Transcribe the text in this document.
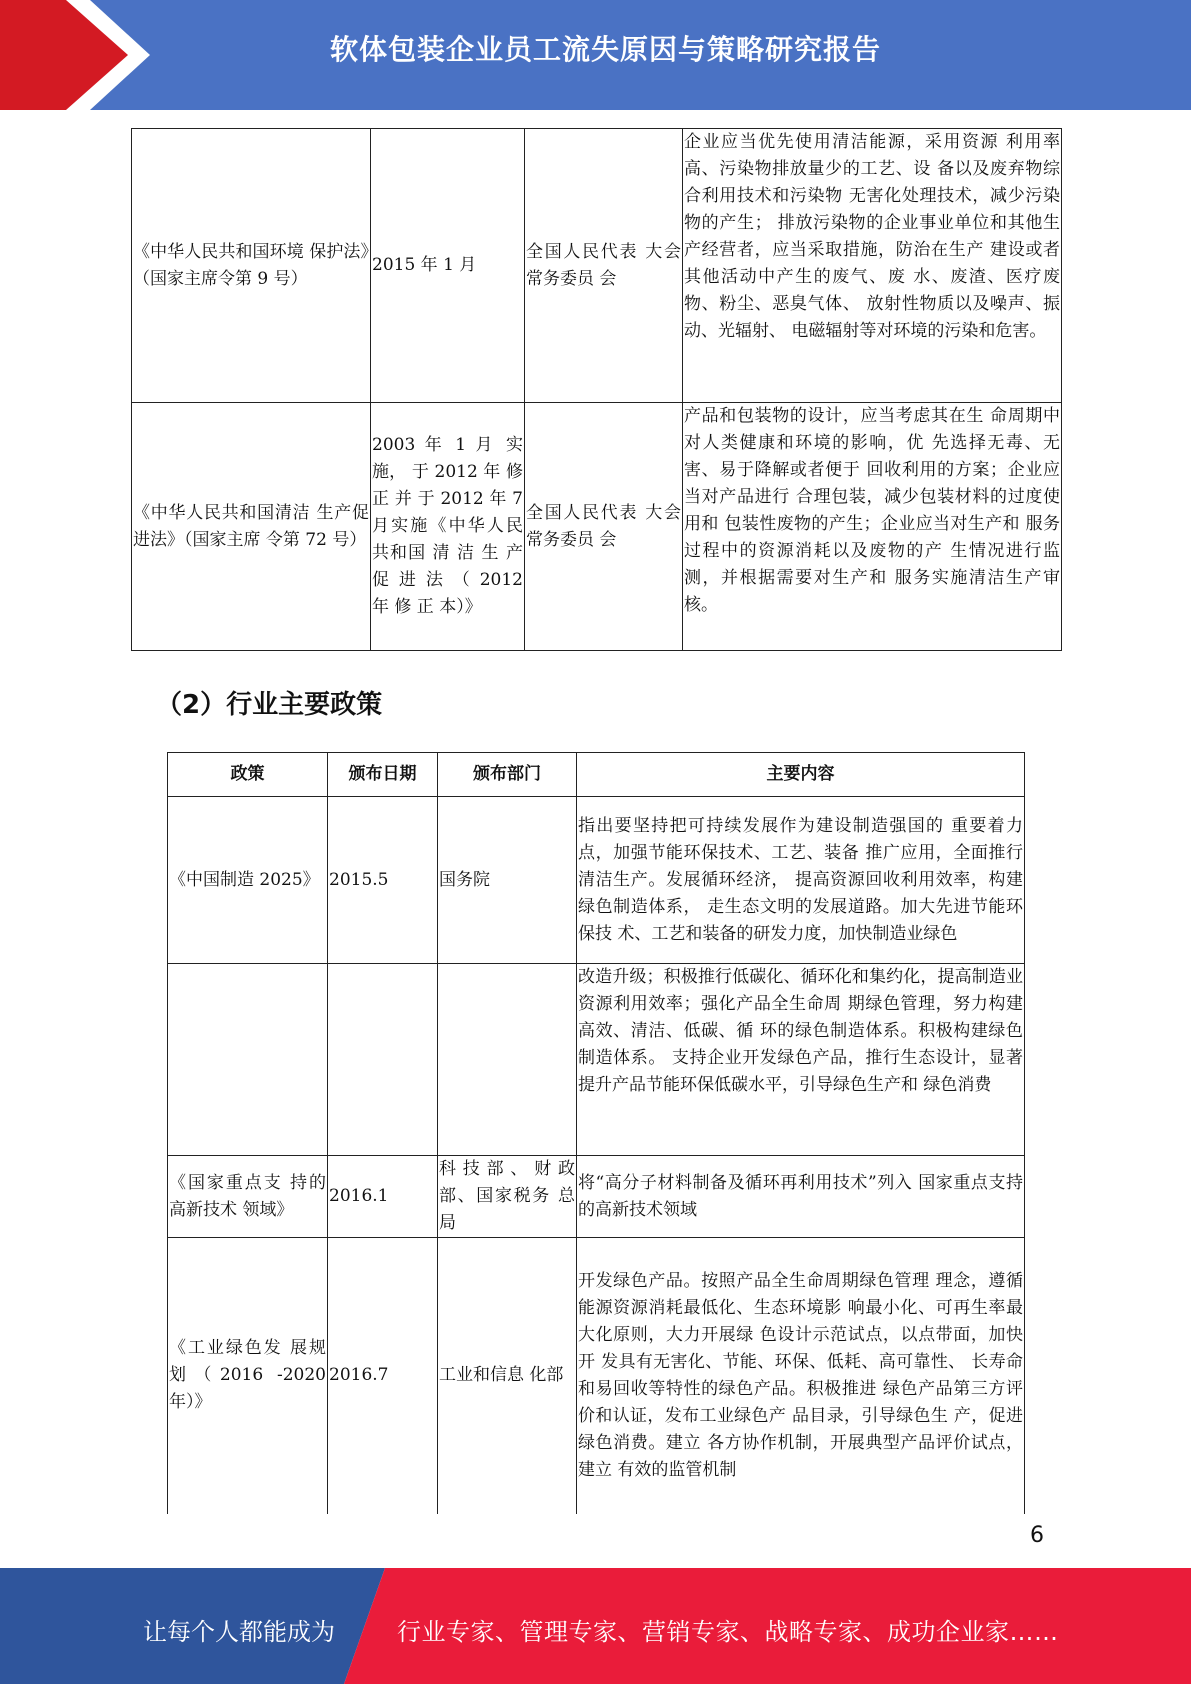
软体包装企业员工流失原因与策略研究报告
《中华人民共和国环境 保护法》（国家主席令第 9 号）	2015 年 1 月	全国人民代表 大会常务委员 会	企业应当优先使用清洁能源，采用资源 利用率高、污染物排放量少的工艺、设 备以及废弃物综合利用技术和污染物 无害化处理技术，减少污染物的产生； 排放污染物的企业事业单位和其他生 产经营者，应当采取措施，防治在生产 建设或者其他活动中产生的废气、废 水、废渣、医疗废物、粉尘、恶臭气体、 放射性物质以及噪声、振动、光辐射、 电磁辐射等对环境的污染和危害。
《中华人民共和国清洁 生产促进法》（国家主席 令第 72 号）	2003 年 1 月 实施， 于 2012 年 修 正 并 于 2012 年 7 月实施《中华人民共和国 清 洁 生 产 促 进 法 （ 2012 年 修 正 本）》	全国人民代表 大会常务委员 会	产品和包装物的设计，应当考虑其在生 命周期中对人类健康和环境的影响，优 先选择无毒、无害、易于降解或者便于 回收利用的方案；企业应当对产品进行 合理包装，减少包装材料的过度使用和 包装性废物的产生；企业应当对生产和 服务过程中的资源消耗以及废物的产 生情况进行监测，并根据需要对生产和 服务实施清洁生产审核。
（2）行业主要政策
政策	颁布日期	颁布部门	主要内容
《中国制造 2025》	2015.5	国务院	指出要坚持把可持续发展作为建设制造强国的 重要着力点，加强节能环保技术、工艺、装备 推广应用，全面推行清洁生产。发展循环经济， 提高资源回收利用效率，构建绿色制造体系， 走生态文明的发展道路。加大先进节能环保技 术、工艺和装备的研发力度，加快制造业绿色
			改造升级；积极推行低碳化、循环化和集约化，提高制造业资源利用效率；强化产品全生命周 期绿色管理，努力构建高效、清洁、低碳、循 环的绿色制造体系。积极构建绿色制造体系。 支持企业开发绿色产品，推行生态设计，显著 提升产品节能环保低碳水平，引导绿色生产和 绿色消费
《国家重点支 持的高新技术 领域》	2016.1	科技部、财政 部、国家税务 总局	将“高分子材料制备及循环再利用技术”列入 国家重点支持的高新技术领域
《工业绿色发 展规划（2016 -2020 年）》	2016.7	工业和信息 化部	开发绿色产品。按照产品全生命周期绿色管理 理念，遵循能源资源消耗最低化、生态环境影 响最小化、可再生率最大化原则，大力开展绿 色设计示范试点，以点带面，加快开 发具有无害化、节能、环保、低耗、高可靠性、 长寿命和易回收等特性的绿色产品。积极推进 绿色产品第三方评价和认证，发布工业绿色产 品目录，引导绿色生 产，促进绿色消费。建立 各方协作机制，开展典型产品评价试点，建立 有效的监管机制
6
让每个人都能成为	行业专家、管理专家、营销专家、战略专家、成功企业家……
